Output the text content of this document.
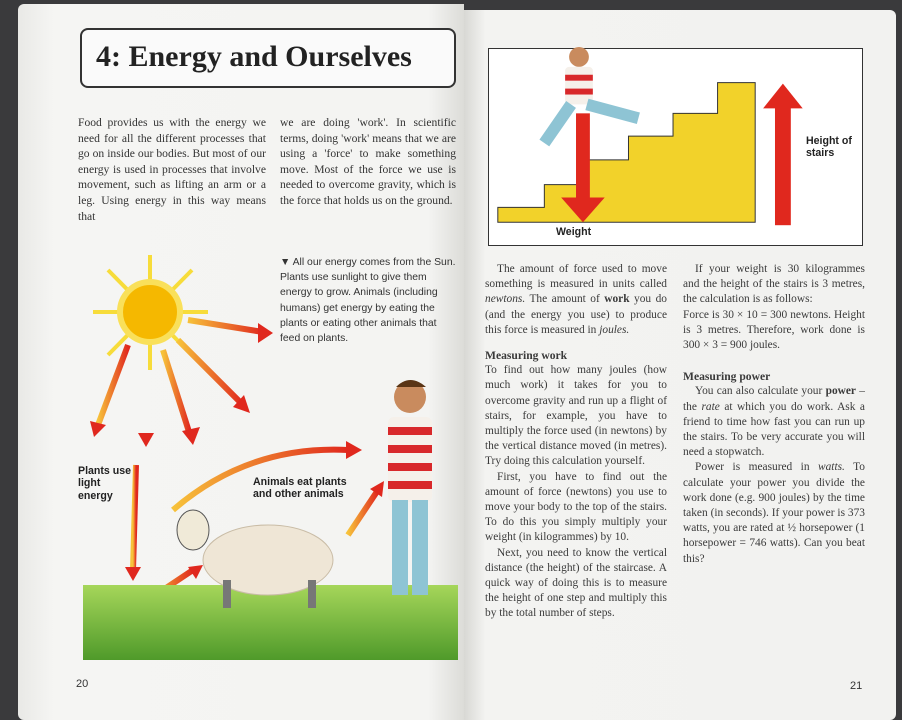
4: Energy and Ourselves
Food provides us with the energy we need for all the different processes that go on inside our bodies. But most of our energy is used in processes that involve movement, such as lifting an arm or a leg. Using energy in this way means that
we are doing 'work'. In scientific terms, doing 'work' means that we are using a 'force' to make something move. Most of the force we use is needed to overcome gravity, which is the force that holds us on the ground.
▼ All our energy comes from the Sun. Plants use sunlight to give them energy to grow. Animals (including humans) get energy by eating the plants or eating other animals that feed on plants.
Plants use light energy
Animals eat plants and other animals
20
Height of stairs
Weight

The amount of force used to move something is measured in units called newtons. The amount of work you do (and the energy you use) to produce this force is measured in joules.

Measuring work

To find out how many joules (how much work) it takes for you to overcome gravity and run up a flight of stairs, for example, you have to multiply the force used (in newtons) by the vertical distance moved (in metres). Try doing this calculation yourself.

First, you have to find out the amount of force (newtons) you use to move your body to the top of the stairs. To do this you simply multiply your weight (in kilogrammes) by 10.

Next, you need to know the vertical distance (the height) of the staircase. A quick way of doing this is to measure the height of one step and multiply this by the total number of steps.

If your weight is 30 kilogrammes and the height of the stairs is 3 metres, the calculation is as follows:

Force is 30 × 10 = 300 newtons. Height is 3 metres. Therefore, work done is 300 × 3 = 900 joules.

Measuring power

You can also calculate your power – the rate at which you do work. Ask a friend to time how fast you can run up the stairs. To be very accurate you will need a stopwatch.

Power is measured in watts. To calculate your power you divide the work done (e.g. 900 joules) by the time taken (in seconds). If your power is 373 watts, you are rated at ½ horsepower (1 horsepower = 746 watts). Can you beat this?

21
